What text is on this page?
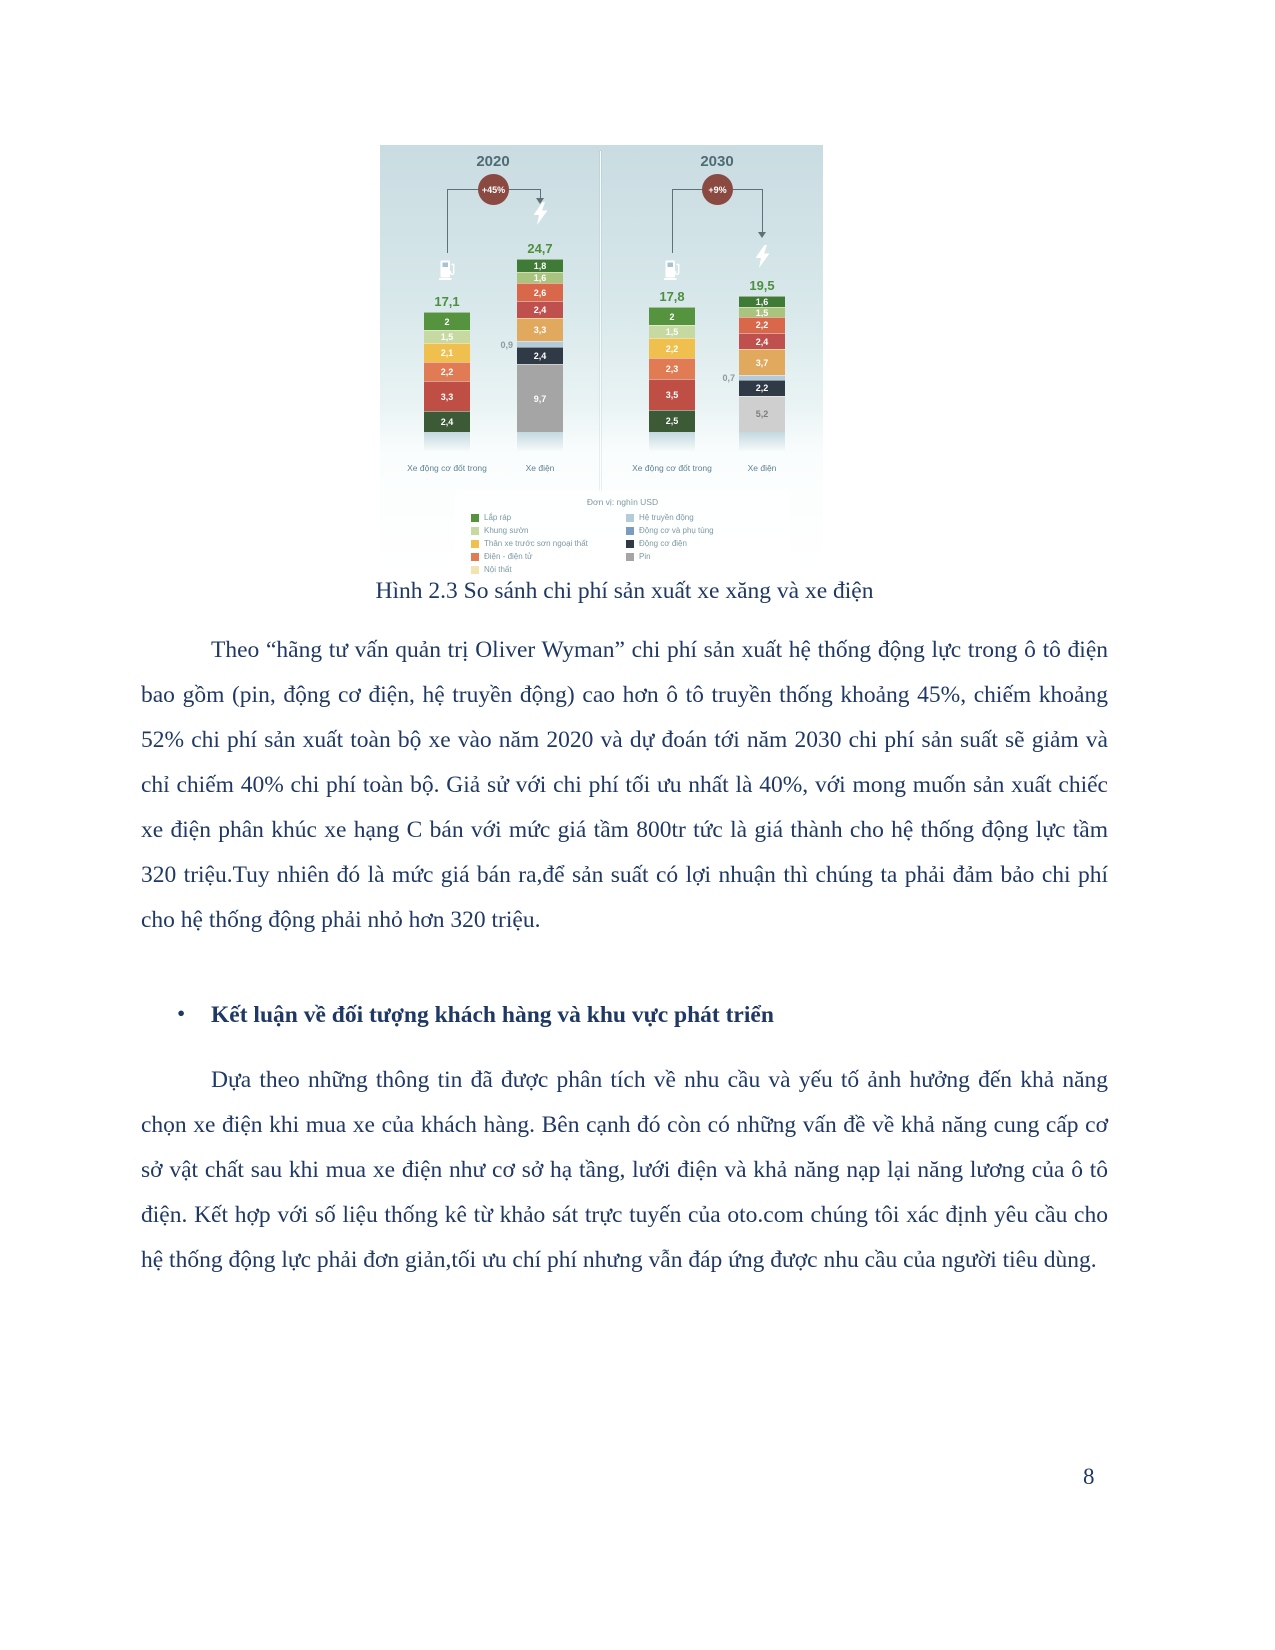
2020
+45%
17,1
2
1,5
2,1
2,2
3,3
2,4
24,7
1,8
1,6
2,6
2,4
3,3
0,9
2,4
9,7
Xe động cơ đốt trong	Xe điện
2030
+9%
17,8
2
1,5
2,2
2,3
3,5
2,5
19,5
1,6
1,5
2,2
2,4
3,7
0,7
2,2
5,2
Xe động cơ đốt trong	Xe điện
Đơn vị: nghìn USD
Lắp ráp
Khung sườn
Thân xe trước sơn ngoại thất
Điện - điện tử
Nội thất
Hệ truyền động
Động cơ và phụ tùng
Động cơ điện
Pin
Hình 2.3 So sánh chi phí sản xuất xe xăng và xe điện

Theo “hãng tư vấn quản trị Oliver Wyman” chi phí sản xuất hệ thống động lực trong ô tô điện bao gồm (pin, động cơ điện, hệ truyền động) cao hơn ô tô truyền thống khoảng 45%, chiếm khoảng 52% chi phí sản xuất toàn bộ xe vào năm 2020 và dự đoán tới năm 2030 chi phí sản suất sẽ giảm và chỉ chiếm 40% chi phí toàn bộ. Giả sử với chi phí tối ưu nhất là 40%, với mong muốn sản xuất chiếc xe điện phân khúc xe hạng C bán với mức giá tầm 800tr tức là giá thành cho hệ thống động lực tầm 320 triệu.Tuy nhiên đó là mức giá bán ra,để sản suất có lợi nhuận thì chúng ta phải đảm bảo chi phí cho hệ thống động phải nhỏ hơn 320 triệu.

• Kết luận về đối tượng khách hàng và khu vực phát triển

Dựa theo những thông tin đã được phân tích về nhu cầu và yếu tố ảnh hưởng đến khả năng chọn xe điện khi mua xe của khách hàng. Bên cạnh đó còn có những vấn đề về khả năng cung cấp cơ sở vật chất sau khi mua xe điện như cơ sở hạ tầng, lưới điện và khả năng nạp lại năng lương của ô tô điện. Kết hợp với số liệu thống kê từ khảo sát trực tuyến của oto.com chúng tôi xác định yêu cầu cho hệ thống động lực phải đơn giản,tối ưu chí phí nhưng vẫn đáp ứng được nhu cầu của người tiêu dùng.

8
